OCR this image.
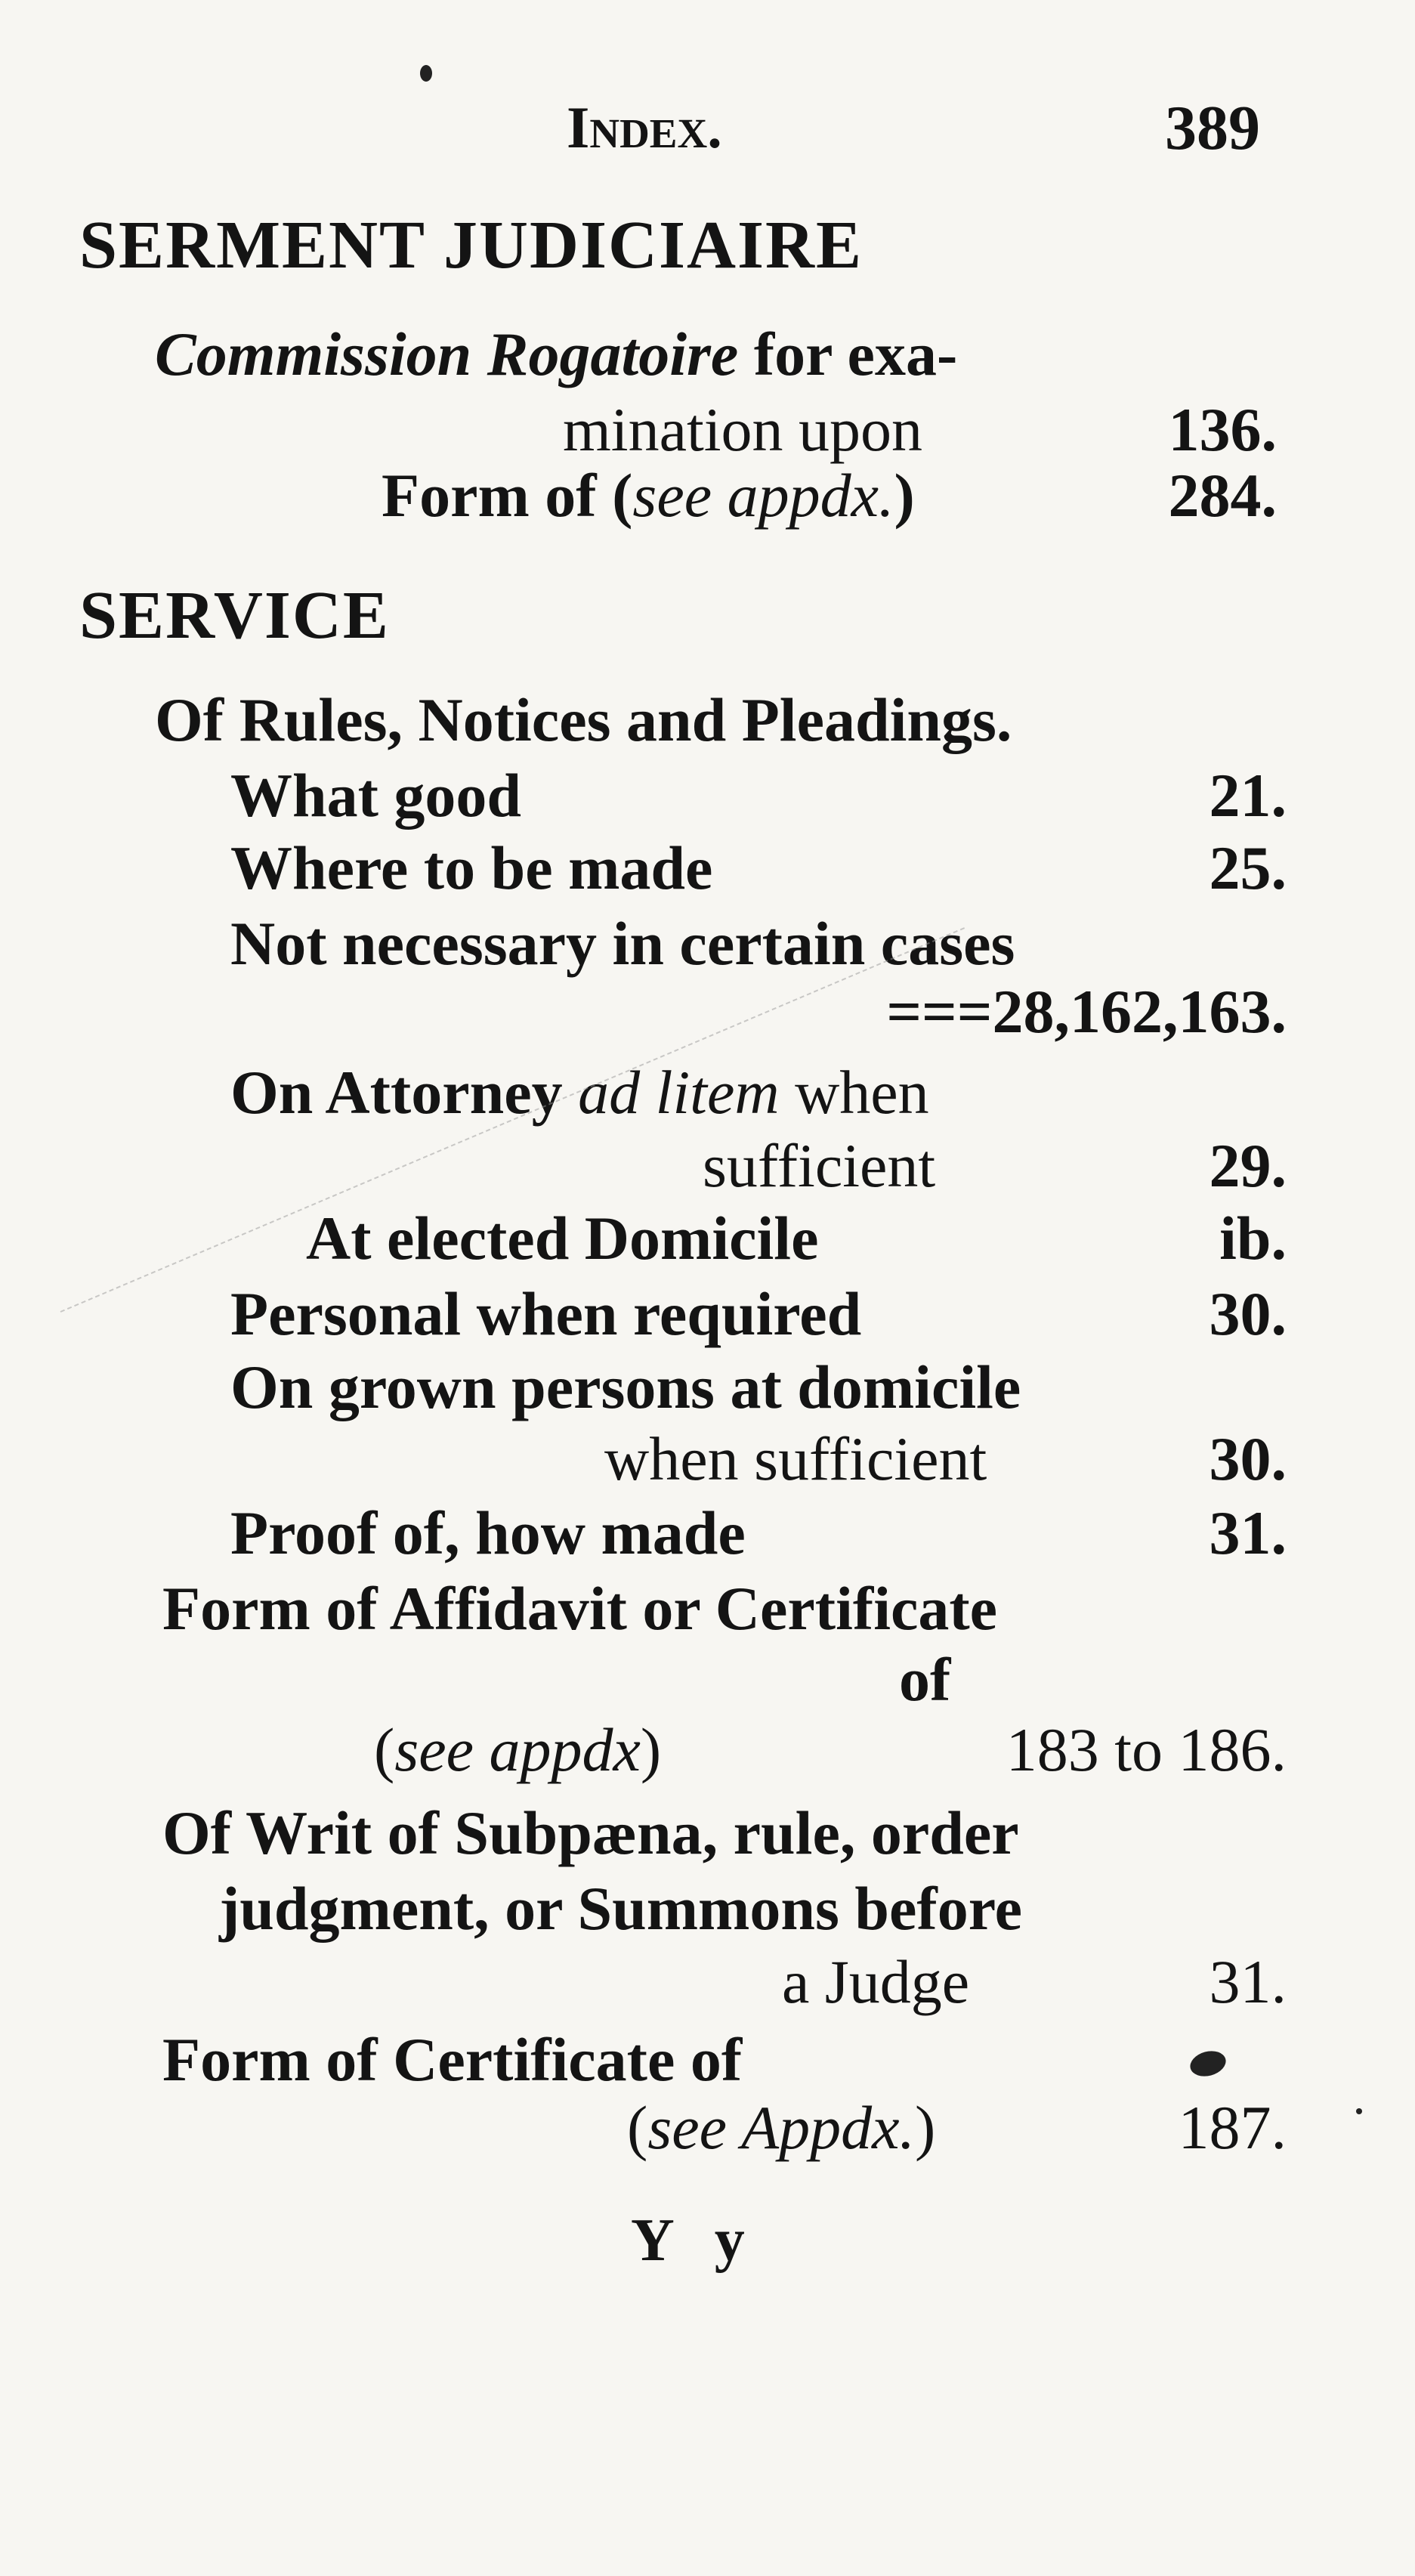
Index.	389
SERMENT JUDICIAIRE
Commission Rogatoire for exa-
mination upon	136.
Form of (see appdx.)	284.
SERVICE
Of Rules, Notices and Pleadings.
What good	21.
Where to be made	25.
Not necessary in certain cases
===28,162,163.
On Attorney ad litem when
sufficient	29.
At elected Domicile	ib.
Personal when required	30.
On grown persons at domicile
when sufficient	30.
Proof of, how made	31.
Form of Affidavit or Certificate
of
(see appdx)	183 to 186.
Of Writ of Subpæna, rule, order
judgment, or Summons before
a Judge	31.
Form of Certificate of
(see Appdx.)	187.
Y y
